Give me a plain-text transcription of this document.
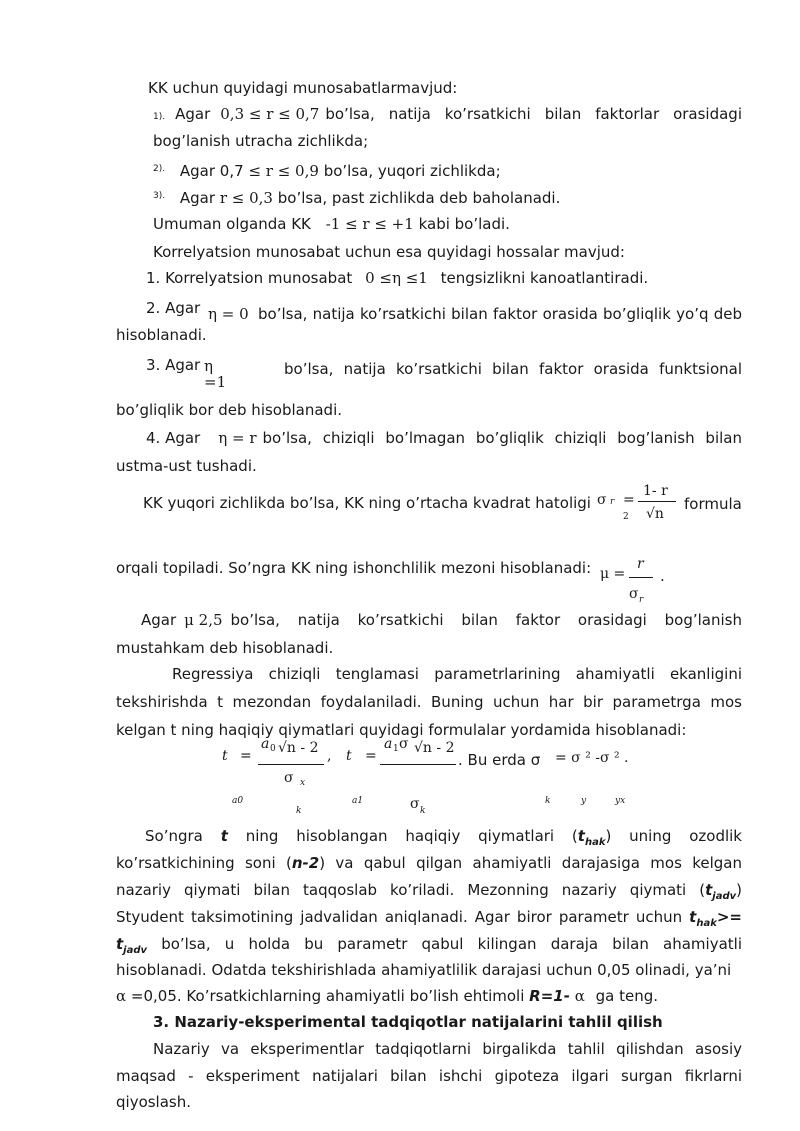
KK uchun quyidagi munosabatlarmavjud:
1). Agar 0,3 ≤ r ≤ 0,7 bo’lsa, natija ko’rsatkichi bilan faktorlar orasidagi
bog’lanish utracha zichlikda;
$^{2).}$ Agar 0,7 ≤ r ≤ 0,9 bo’lsa, yuqori zichlikda;
$^{3).}$ Agar r ≤ 0,3 bo’lsa, past zichlikda deb baholanadi.
Umuman olganda KK -1 ≤ r ≤ +1 kabi bo’ladi.
Korrelyatsion munosabat uchun esa quyidagi hossalar mavjud:
1. Korrelyatsion munosabat 0 ≤η ≤1 tengsizlikni kanoatlantiradi.
2. Agar η = 0 bo’lsa, natija ko’rsatkichi bilan faktor orasida bo’gliqlik yo’q deb
hisoblanadi.
3. Agar η
=1
bo’lsa, natija ko’rsatkichi bilan faktor orasida funktsional
bo’gliqlik bor deb hisoblanadi.
4. Agar η = r bo’lsa, chiziqli bo’lmagan bo’gliqlik chiziqli bog’lanish bilan
ustma-ust tushadi.
KK yuqori zichlikda bo’lsa, KK ning o’rtacha kvadrat hatoligi σ r =
1- r
2 √n
formula
orqali topiladi. So’ngra KK ning ishonchlilik mezoni hisoblanadi: μ =
r
σ r
.
Agar μ 2,5 bo’lsa, natija ko’rsatkichi bilan faktor orasidagi bog’lanish
mustahkam deb hisoblanadi.
Regressiya chiziqli tenglamasi parametrlarining ahamiyatli ekanligini
tekshirishda t mezondan foydalaniladi. Buning uchun har bir parametrga mos
kelgan t ning haqiqiy qiymatlari quyidagi formulalar yordamida hisoblanadi:
t =
a 0 √n - 2
σ x
, t =
a 1 σ √n - 2
. Bu erda σ = σ ² -σ ² .
a0
k
a1	σ k
k	y	yx
So’ngra t ning hisoblangan haqiqiy qiymatlari $(t_{hak})$ uning ozodlik
ko’rsatkichining soni (n-2) va qabul qilgan ahamiyatli darajasiga mos kelgan
nazariy qiymati bilan taqqoslab ko’riladi. Mezonning nazariy qiymati $(t_{jadv})$
Styudent taksimotining jadvalidan aniqlanadi. Agar biror parametr uchun $t_{hak}>=$
$t_{jadv}$ bo’lsa, u holda bu parametr qabul kilingan daraja bilan ahamiyatli
hisoblanadi. Odatda tekshirishlada ahamiyatlilik darajasi uchun 0,05 olinadi, ya’ni
α =0,05. Ko’rsatkichlarning ahamiyatli bo’lish ehtimoli R=1- α ga teng.
3. Nazariy-eksperimental tadqiqotlar natijalarini tahlil qilish
Nazariy va eksperimentlar tadqiqotlarni birgalikda tahlil qilishdan asosiy
maqsad - eksperiment natijalari bilan ishchi gipoteza ilgari surgan fikrlarni
qiyoslash.
